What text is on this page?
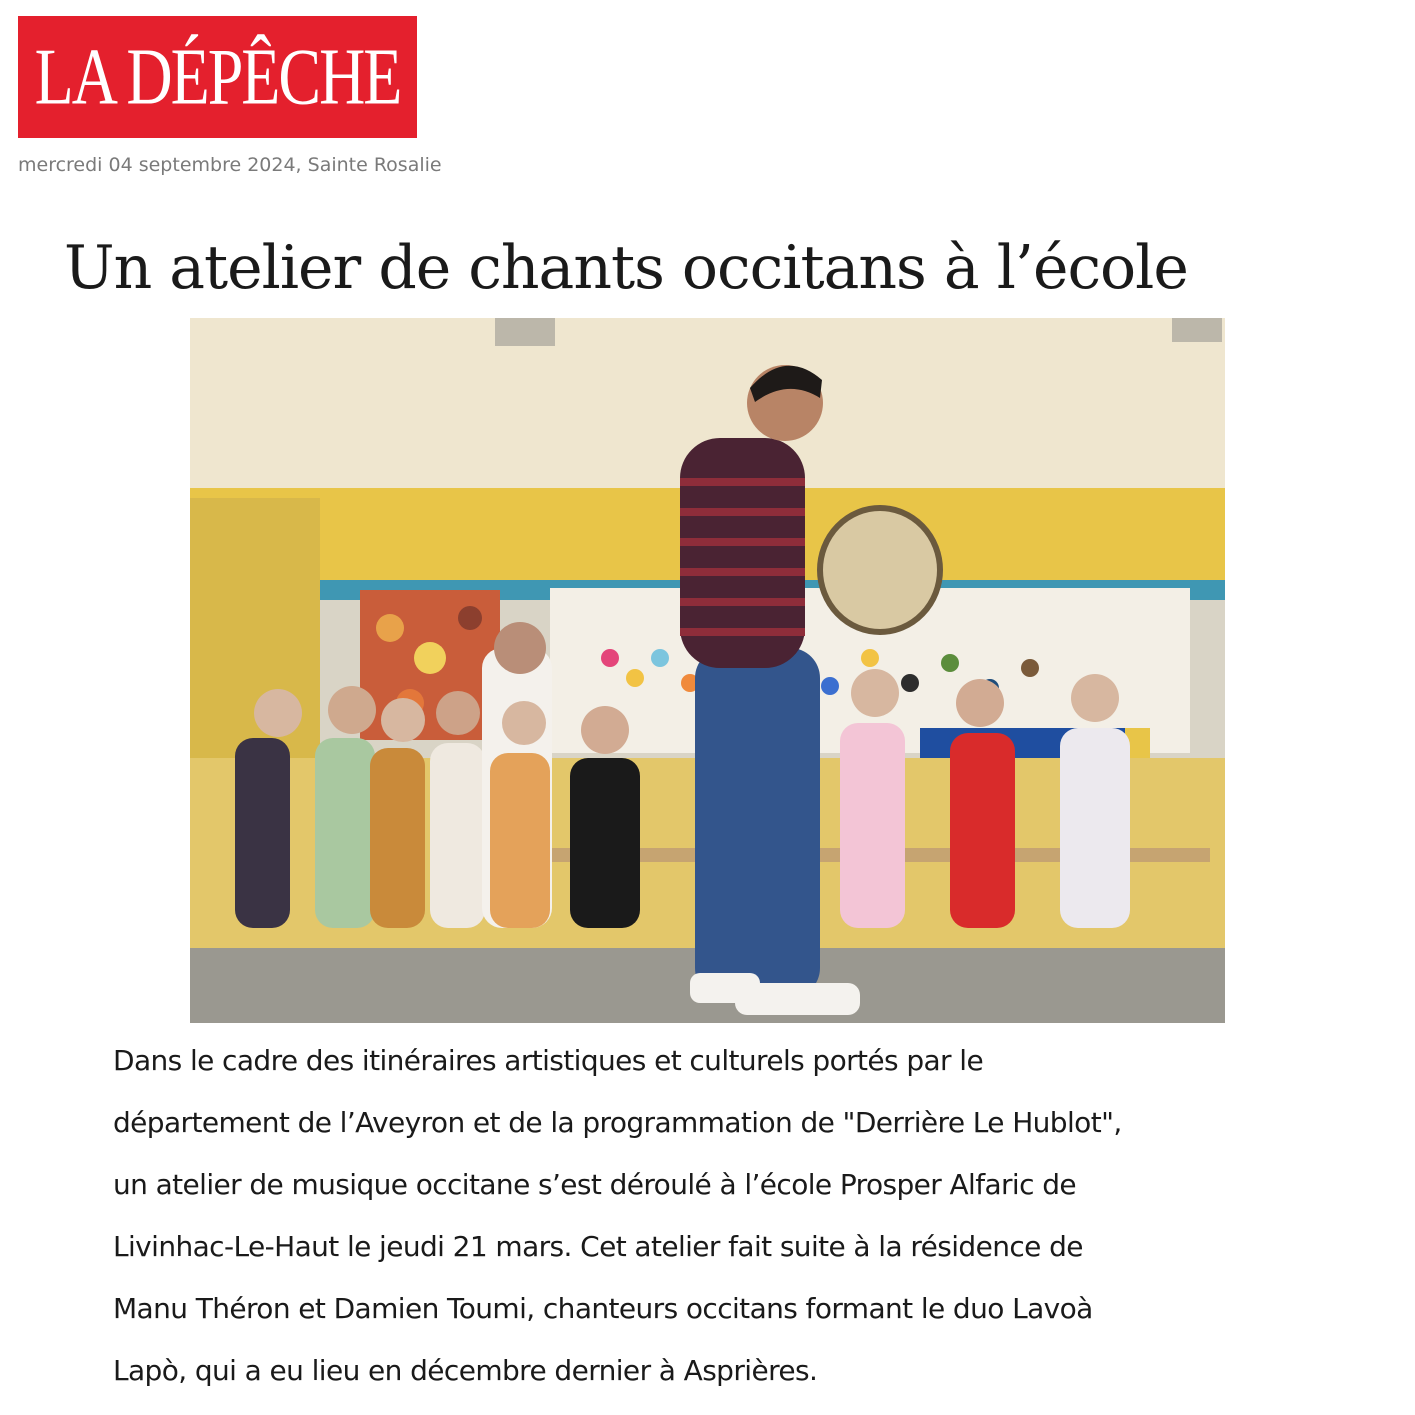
LA DÉPÊCHE
mercredi 04 septembre 2024, Sainte Rosalie
Un atelier de chants occitans à l’école
Dans le cadre des itinéraires artistiques et culturels portés par le
département de l’Aveyron et de la programmation de "Derrière Le Hublot",
un atelier de musique occitane s’est déroulé à l’école Prosper Alfaric de
Livinhac-Le-Haut le jeudi 21 mars. Cet atelier fait suite à la résidence de
Manu Théron et Damien Toumi, chanteurs occitans formant le duo Lavoà
Lapò, qui a eu lieu en décembre dernier à Asprières.
